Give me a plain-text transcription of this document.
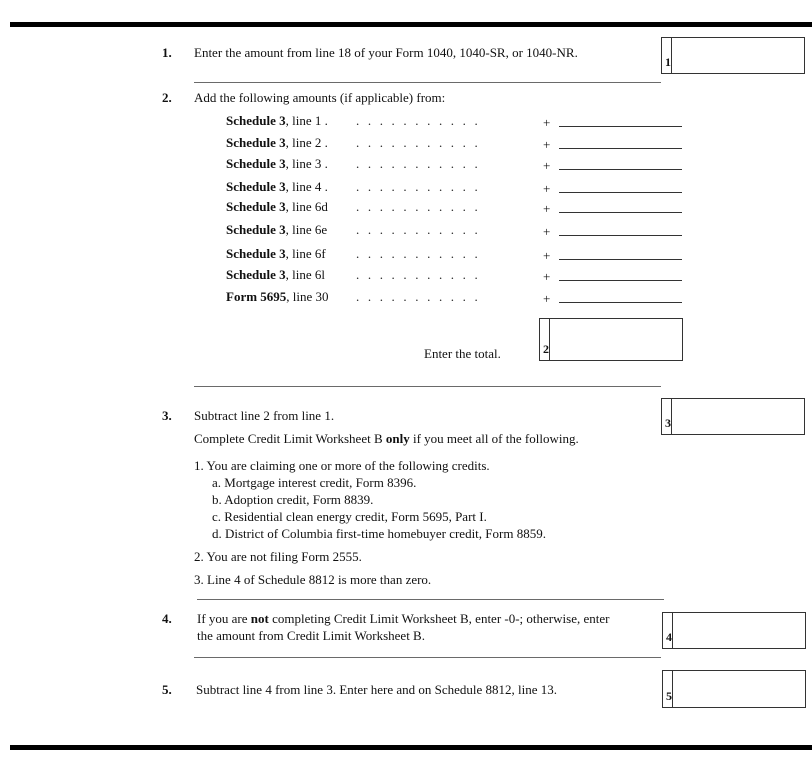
1. Enter the amount from line 18 of your Form 1040, 1040-SR, or 1040-NR.
1
2. Add the following amounts (if applicable) from:
Schedule 3, line 1 . ...........	+
Schedule 3, line 2 . ...........	+
Schedule 3, line 3 . ...........	+
Schedule 3, line 4 . ...........	+
Schedule 3, line 6d ...........	+
Schedule 3, line 6e ...........	+
Schedule 3, line 6f ...........	+
Schedule 3, line 6l ...........	+
Form 5695, line 30 ...........	+
Enter the total.	2
3. Subtract line 2 from line 1.	3
Complete Credit Limit Worksheet B only if you meet all of the following.
1. You are claiming one or more of the following credits.
a. Mortgage interest credit, Form 8396.
b. Adoption credit, Form 8839.
c. Residential clean energy credit, Form 5695, Part I.
d. District of Columbia first-time homebuyer credit, Form 8859.
2. You are not filing Form 2555.
3. Line 4 of Schedule 8812 is more than zero.
4. If you are not completing Credit Limit Worksheet B, enter -0-; otherwise, enter
the amount from Credit Limit Worksheet B.	4
5. Subtract line 4 from line 3. Enter here and on Schedule 8812, line 13.	5
